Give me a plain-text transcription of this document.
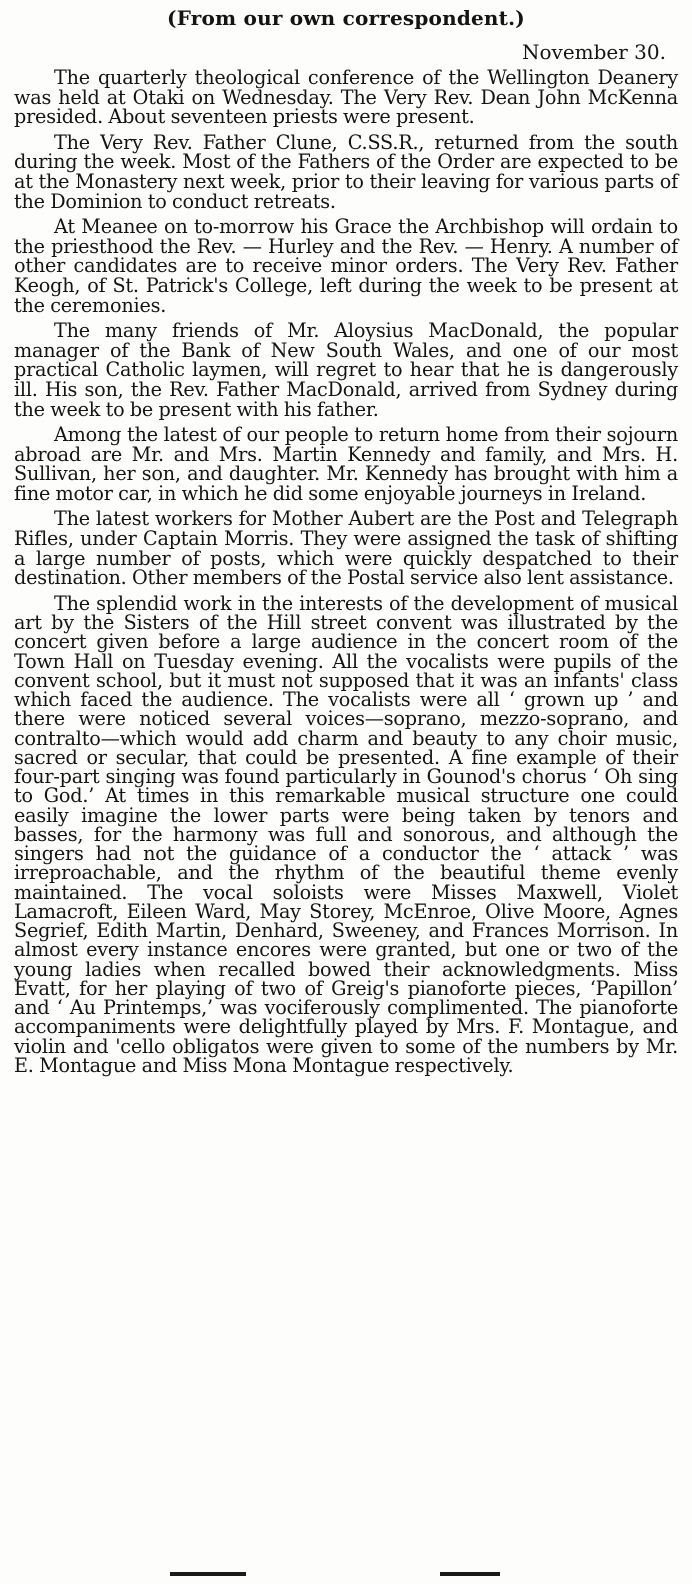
(From our own correspondent.)
November 30.

The quarterly theological conference of the Wellington Deanery was held at Otaki on Wednesday. The Very Rev. Dean John McKenna presided. About seventeen priests were present.

The Very Rev. Father Clune, C.SS.R., returned from the south during the week. Most of the Fathers of the Order are expected to be at the Monastery next week, prior to their leaving for various parts of the Dominion to conduct retreats.

At Meanee on to-morrow his Grace the Archbishop will ordain to the priesthood the Rev. — Hurley and the Rev. — Henry. A number of other candidates are to receive minor orders. The Very Rev. Father Keogh, of St. Patrick's College, left during the week to be present at the ceremonies.

The many friends of Mr. Aloysius MacDonald, the popular manager of the Bank of New South Wales, and one of our most practical Catholic laymen, will regret to hear that he is dangerously ill. His son, the Rev. Father MacDonald, arrived from Sydney during the week to be present with his father.

Among the latest of our people to return home from their sojourn abroad are Mr. and Mrs. Martin Kennedy and family, and Mrs. H. Sullivan, her son, and daughter. Mr. Kennedy has brought with him a fine motor car, in which he did some enjoyable journeys in Ireland.

The latest workers for Mother Aubert are the Post and Telegraph Rifles, under Captain Morris. They were assigned the task of shifting a large number of posts, which were quickly despatched to their destination. Other members of the Postal service also lent assistance.

The splendid work in the interests of the development of musical art by the Sisters of the Hill street convent was illustrated by the concert given before a large audience in the concert room of the Town Hall on Tuesday evening. All the vocalists were pupils of the convent school, but it must not supposed that it was an infants' class which faced the audience. The vocalists were all ‘ grown up ’ and there were noticed several voices—soprano, mezzo-soprano, and contralto—which would add charm and beauty to any choir music, sacred or secular, that could be presented. A fine example of their four-part singing was found particularly in Gounod's chorus ‘ Oh sing to God.’ At times in this remarkable musical structure one could easily imagine the lower parts were being taken by tenors and basses, for the harmony was full and sonorous, and although the singers had not the guidance of a conductor the ‘ attack ’ was irreproachable, and the rhythm of the beautiful theme evenly maintained. The vocal soloists were Misses Maxwell, Violet Lamacroft, Eileen Ward, May Storey, McEnroe, Olive Moore, Agnes Segrief, Edith Martin, Denhard, Sweeney, and Frances Morrison. In almost every instance encores were granted, but one or two of the young ladies when recalled bowed their acknowledgments. Miss Evatt, for her playing of two of Greig's pianoforte pieces, ‘Papillon’ and ‘ Au Printemps,’ was vociferously complimented. The pianoforte accompaniments were delightfully played by Mrs. F. Montague, and violin and 'cello obligatos were given to some of the numbers by Mr. E. Montague and Miss Mona Montague respectively.
